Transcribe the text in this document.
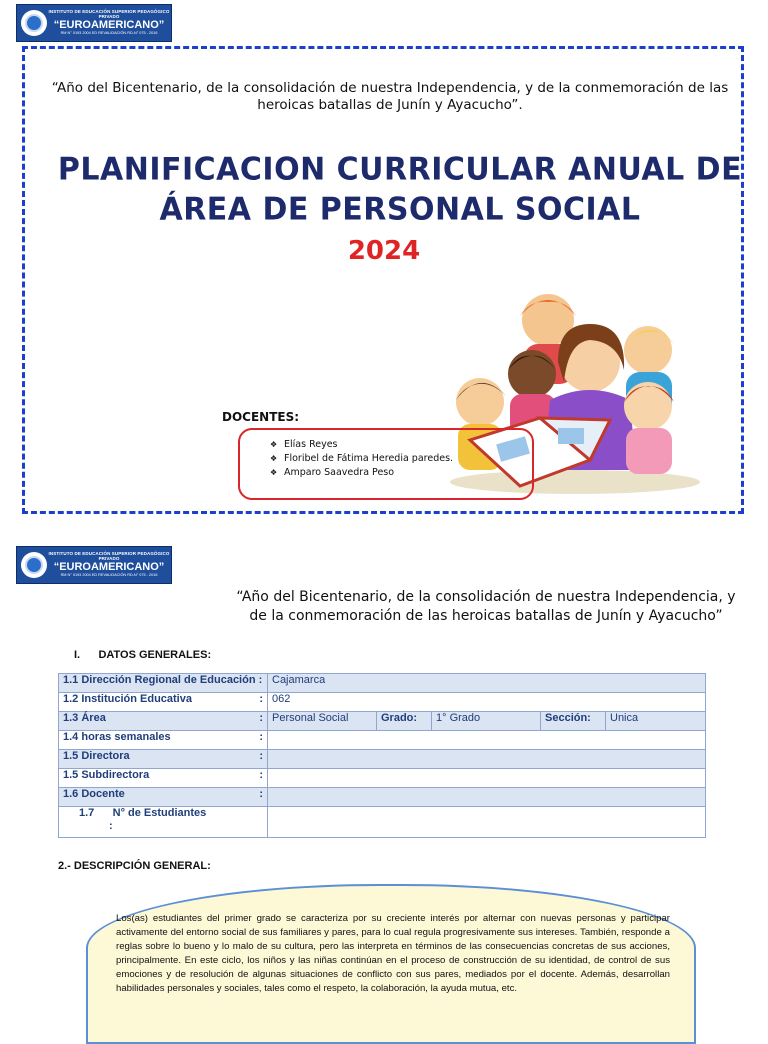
INSTITUTO DE EDUCACIÓN SUPERIOR PEDAGÓGICO PRIVADO
“EUROAMERICANO”
RM N° 0193 2004 ED REVALIDACIÓN RD-N° 075 - 2016
“Año del Bicentenario, de la consolidación de nuestra Independencia, y de la conmemoración de las heroicas batallas de Junín y Ayacucho”.
PLANIFICACION CURRICULAR ANUAL DE
ÁREA DE PERSONAL SOCIAL
2024
DOCENTES:
❖ Elías Reyes
❖ Floribel de Fátima Heredia paredes.
❖ Amparo Saavedra Peso
INSTITUTO DE EDUCACIÓN SUPERIOR PEDAGÓGICO PRIVADO
“EUROAMERICANO”
RM N° 0193 2004 ED REVALIDACIÓN RD-N° 075 - 2016
“Año del Bicentenario, de la consolidación de nuestra Independencia, y de la conmemoración de las heroicas batallas de Junín y Ayacucho”
I.      DATOS GENERALES:
1.1 Dirección Regional de Educación :	Cajamarca				
1.2 Institución Educativa :	062				
1.3 Área :	Personal Social	Grado:	1° Grado	Sección:	Unica
1.4 horas semanales :					

1.5 Directora :					

1.5 Subdirectora :					

1.6 Docente :					

1.7      N° de Estudiantes
:					
2.- DESCRIPCIÓN GENERAL:
Los(as) estudiantes del primer grado se caracteriza por su creciente interés por alternar con nuevas personas y participar activamente del entorno social de sus familiares y pares, para lo cual regula progresivamente sus intereses. También, responde a reglas sobre lo bueno y lo malo de su cultura, pero las interpreta en términos de las consecuencias concretas de sus acciones, principalmente. En este ciclo, los niños y las niñas continúan en el proceso de construcción de su identidad, de control de sus emociones y de resolución de algunas situaciones de conflicto con sus pares, mediados por el docente. Además, desarrollan habilidades personales y sociales, tales como el respeto, la colaboración, la ayuda mutua, etc.
